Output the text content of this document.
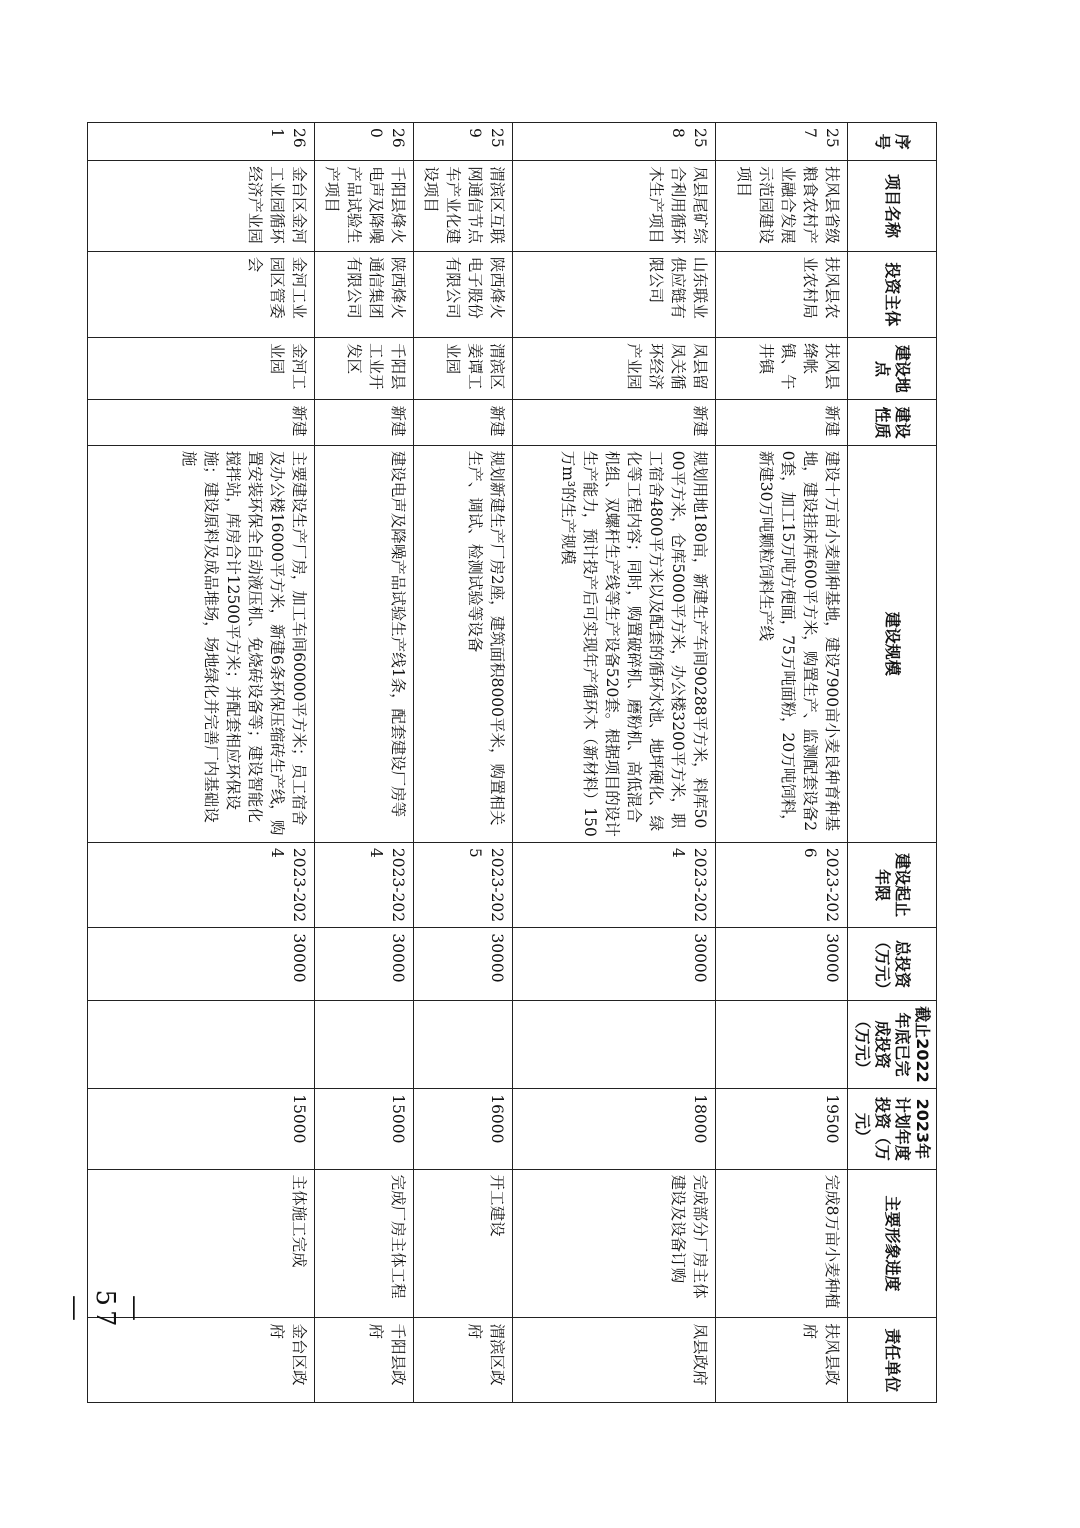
序号	项目名称	投资主体	建设地点	建设性质	建设规模	建设起止年限	总投资（万元）	截止2022年底已完成投资（万元）	2023年计划年度投资（万元）	主要形象进度	责任单位
257	扶风县省级粮食农村产业融合发展示范园建设项目	扶风县农业农村局	扶风县绛帐镇、午井镇	新建	建设十万亩小麦制种基地，建设7900亩小麦良种育种基地，建设挂床库600平方米，购置生产、监测配套设备20套，加工15万吨方便面，75万吨面粉，20万吨饲料，新建30万吨颗粒饲料生产线	2023-2026	30000		19500	完成8万亩小麦种植	扶风县政府
258	凤县尾矿综合利用循环木生产项目	山东联业供应链有限公司	凤县留凤关循环经济产业园	新建	规划用地180亩，新建生产车间90288平方米，料库5000平方米，仓库5000平方米，办公楼3200平方米，职工宿舍4800平方米以及配套的循环水池、地坪硬化、绿化等工程内容；同时，购置破碎机、磨粉机、高低混合机组、双螺杆生产线等生产设备520套。根据项目的设计生产能力，预计投产后可实现年产循环木（新材料）150万m³的生产规模	2023-2024	30000		18000	完成部分厂房主体建设及设备订购	凤县政府
259	渭滨区互联网通信节点车产业化建设项目	陕西烽火电子股份有限公司	渭滨区姜谭工业园	新建	规划新建生产厂房2座，建筑面积8000平米，购置相关生产、调试、检测试验等设备	2023-2025	30000		16000	开工建设	渭滨区政府
260	千阳县烽火电声及降噪产品试验生产项目	陕西烽火通信集团有限公司	千阳县工业开发区	新建	建设电声及降噪产品试验生产线1条，配套建设厂房等	2023-2024	30000		15000	完成厂房主体工程	千阳县政府
261	金台区金河工业园循环经济产业园	金河工业园区管委会	金河工业园	新建	主要建设生产厂房，加工车间60000平方米；员工宿舍及办公楼16000平方米，新建6条环保压缩砖生产线，购置安装环保全自动液压机、免烧砖设备等；建设智能化搅拌站，库房合计12500平方米；并配套相应环保设施；建设原料及成品堆场，场地绿化并完善厂内基础设施	2023-2024	30000		15000	主体施工完成	金台区政府
— 57 —
